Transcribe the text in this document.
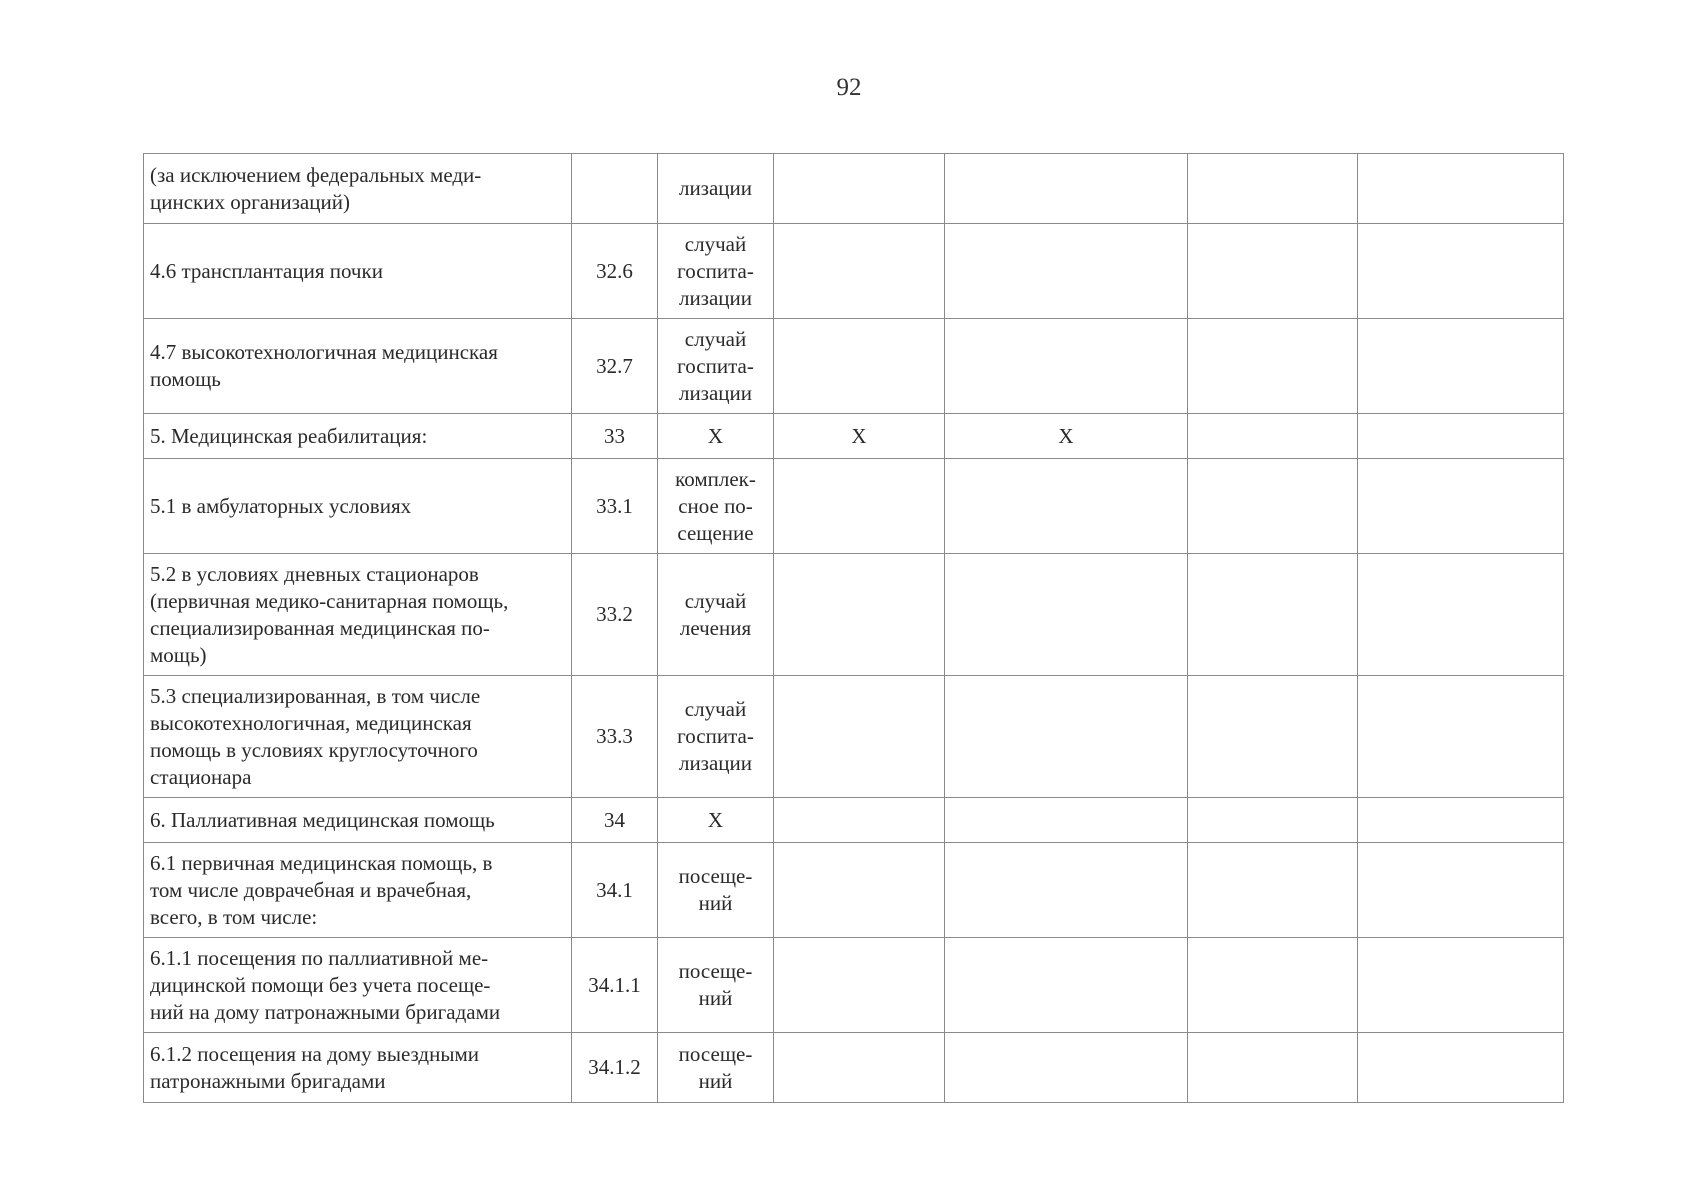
92
(за исключением федеральных меди-
цинских организаций)		лизации				

4.6 трансплантация почки	32.6	случай
госпита-
лизации				

4.7 высокотехнологичная медицинская
помощь	32.7	случай
госпита-
лизации				

5. Медицинская реабилитация:	33	Х	Х	Х		

5.1 в амбулаторных условиях	33.1	комплек-
сное по-
сещение				

5.2 в условиях дневных стационаров
(первичная медико-санитарная помощь,
специализированная медицинская по-
мощь)	33.2	случай
лечения				

5.3 специализированная, в том числе
высокотехнологичная, медицинская
помощь в условиях круглосуточного
стационара	33.3	случай
госпита-
лизации				

6. Паллиативная медицинская помощь	34	Х				

6.1 первичная медицинская помощь, в
том числе доврачебная и врачебная,
всего, в том числе:	34.1	посеще-
ний				

6.1.1 посещения по паллиативной ме-
дицинской помощи без учета посеще-
ний на дому патронажными бригадами	34.1.1	посеще-
ний				

6.1.2 посещения на дому выездными
патронажными бригадами	34.1.2	посеще-
ний				
